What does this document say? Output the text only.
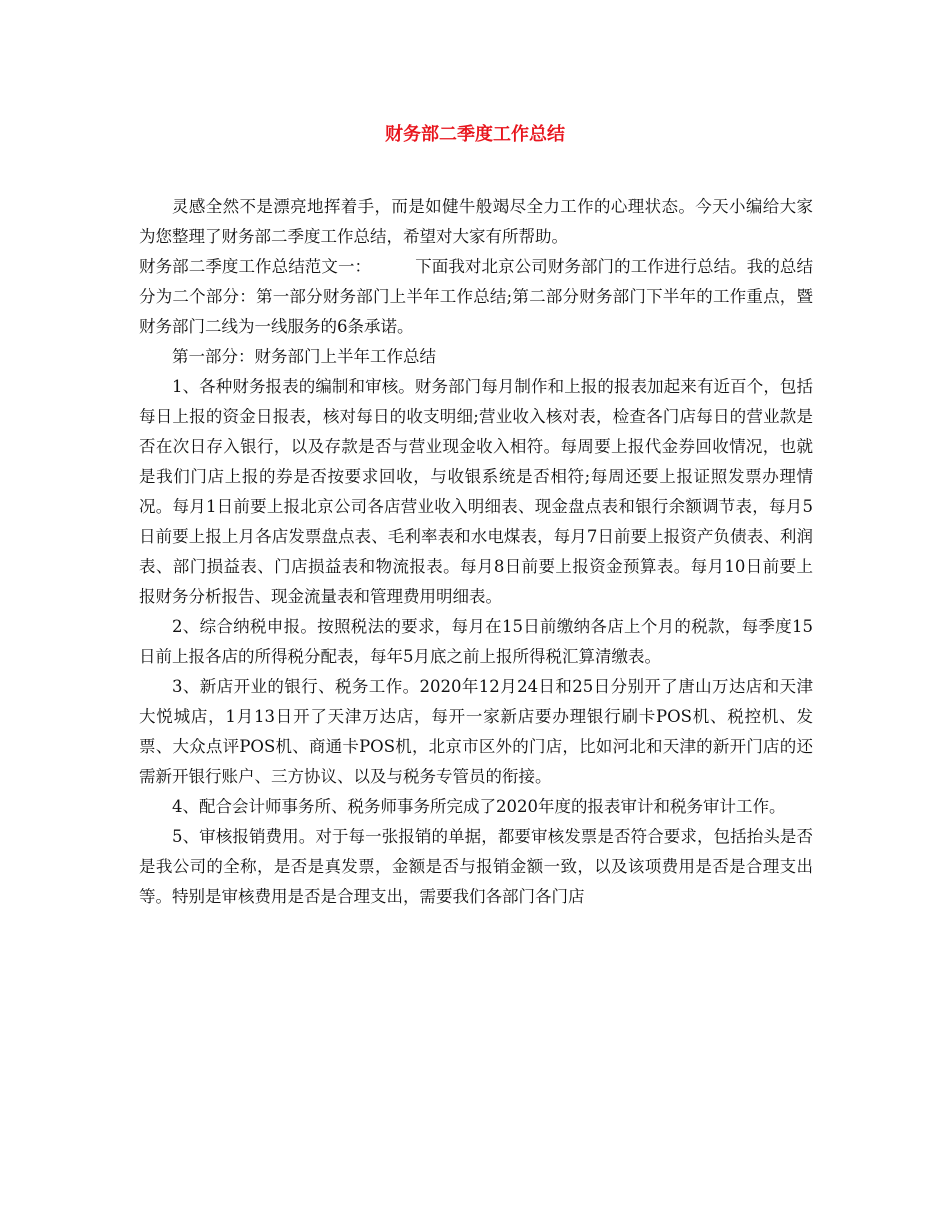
财务部二季度工作总结

灵感全然不是漂亮地挥着手，而是如健牛般竭尽全力工作的心理状态。今天小编给大家为您整理了财务部二季度工作总结，希望对大家有所帮助。

财务部二季度工作总结范文一：	下面我对北京公司财务部门的工作进行总结。我的总结分为二个部分：第一部分财务部门上半年工作总结;第二部分财务部门下半年的工作重点，暨财务部门二线为一线服务的6条承诺。

第一部分：财务部门上半年工作总结

1、各种财务报表的编制和审核。财务部门每月制作和上报的报表加起来有近百个，包括每日上报的资金日报表，核对每日的收支明细;营业收入核对表，检查各门店每日的营业款是否在次日存入银行，以及存款是否与营业现金收入相符。每周要上报代金券回收情况，也就是我们门店上报的券是否按要求回收，与收银系统是否相符;每周还要上报证照发票办理情况。每月1日前要上报北京公司各店营业收入明细表、现金盘点表和银行余额调节表，每月5日前要上报上月各店发票盘点表、毛利率表和水电煤表，每月7日前要上报资产负债表、利润表、部门损益表、门店损益表和物流报表。每月8日前要上报资金预算表。每月10日前要上报财务分析报告、现金流量表和管理费用明细表。

2、综合纳税申报。按照税法的要求，每月在15日前缴纳各店上个月的税款，每季度15日前上报各店的所得税分配表，每年5月底之前上报所得税汇算清缴表。

3、新店开业的银行、税务工作。2020年12月24日和25日分别开了唐山万达店和天津大悦城店，1月13日开了天津万达店，每开一家新店要办理银行刷卡POS机、税控机、发票、大众点评POS机、商通卡POS机，北京市区外的门店，比如河北和天津的新开门店的还需新开银行账户、三方协议、以及与税务专管员的衔接。

4、配合会计师事务所、税务师事务所完成了2020年度的报表审计和税务审计工作。

5、审核报销费用。对于每一张报销的单据，都要审核发票是否符合要求，包括抬头是否是我公司的全称，是否是真发票，金额是否与报销金额一致，以及该项费用是否是合理支出等。特别是审核费用是否是合理支出，需要我们各部门各门店
